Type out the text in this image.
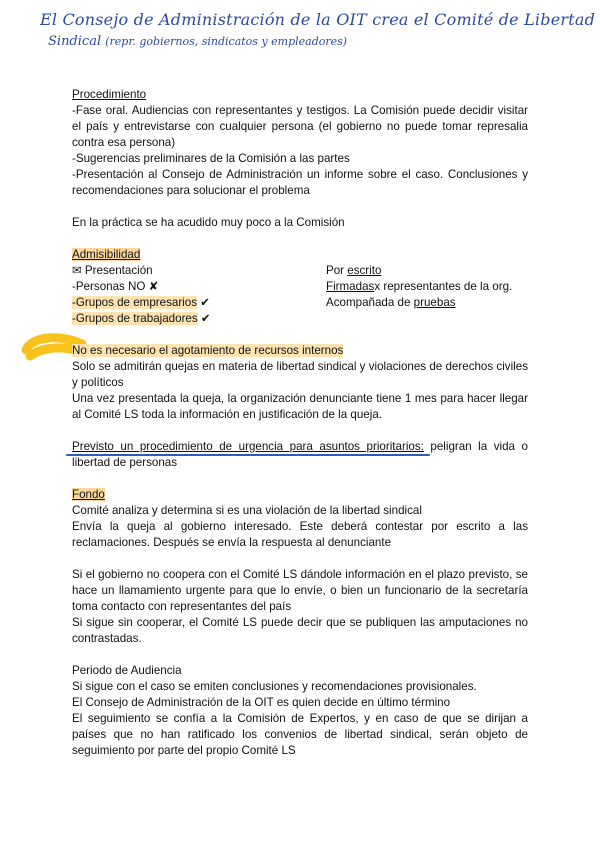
El Consejo de Administración de la OIT crea el Comité de Libertad
Sindical (repr. gobiernos, sindicatos y empleadores)

Procedimiento

-Fase oral. Audiencias con representantes y testigos. La Comisión puede decidir visitar el país y entrevistarse con cualquier persona (el gobierno no puede tomar represalia contra esa persona)

-Sugerencias preliminares de la Comisión a las partes

-Presentación al Consejo de Administración un informe sobre el caso. Conclusiones y recomendaciones para solucionar el problema

En la práctica se ha acudido muy poco a la Comisión

Admisibilidad

✉ Presentación	Por escrito
-Personas NO ✘	Firmadasx representantes de la org.
-Grupos de empresarios ✔	Acompañada de pruebas
-Grupos de trabajadores ✔

No es necesario el agotamiento de recursos internos

Solo se admitirán quejas en materia de libertad sindical y violaciones de derechos civiles y políticos

Una vez presentada la queja, la organización denunciante tiene 1 mes para hacer llegar al Comité LS toda la información en justificación de la queja.

Previsto un procedimiento de urgencia para asuntos prioritarios: peligran la vida o libertad de personas

Fondo

Comité analiza y determina si es una violación de la libertad sindical

Envía la queja al gobierno interesado. Este deberá contestar por escrito a las reclamaciones. Después se envía la respuesta al denunciante

Si el gobierno no coopera con el Comité LS dándole información en el plazo previsto, se hace un llamamiento urgente para que lo envíe, o bien un funcionario de la secretaría toma contacto con representantes del país

Si sigue sin cooperar, el Comité LS puede decir que se publiquen las amputaciones no contrastadas.

Periodo de Audiencia

Si sigue con el caso se emiten conclusiones y recomendaciones provisionales.

El Consejo de Administración de la OIT es quien decide en último término

El seguimiento se confía a la Comisión de Expertos, y en caso de que se dirijan a países que no han ratificado los convenios de libertad sindical, serán objeto de seguimiento por parte del propio Comité LS
